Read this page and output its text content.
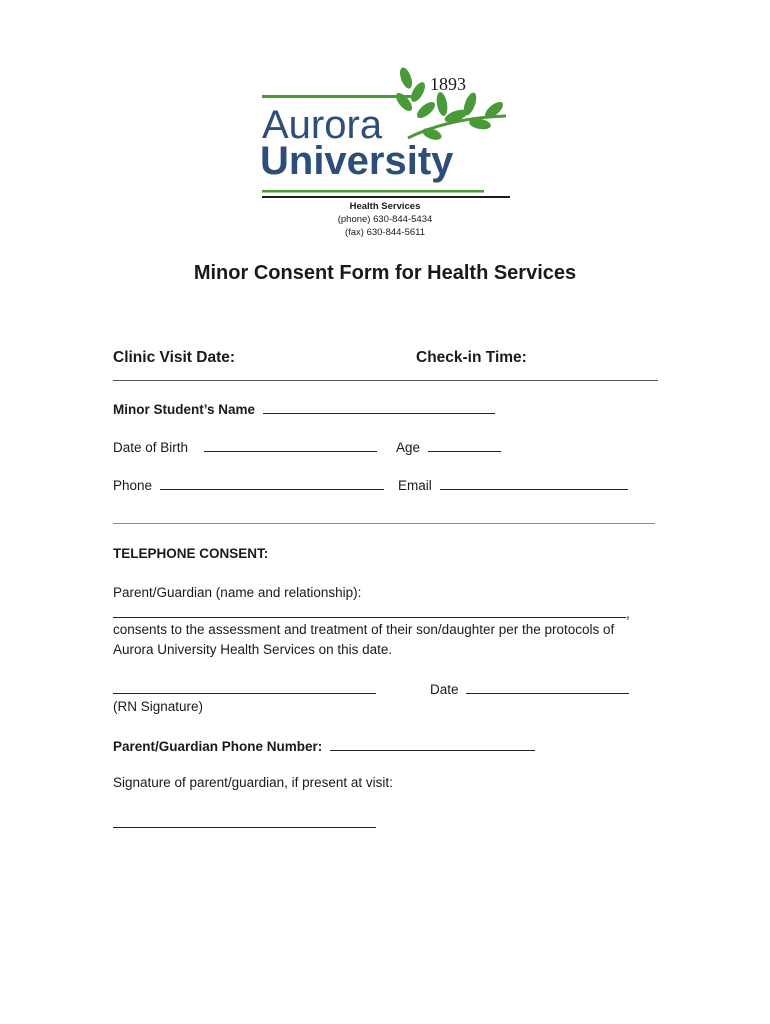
1893
Aurora
University
Health Services
(phone) 630-844-5434
(fax) 630-844-5611
Minor Consent Form for Health Services
Clinic Visit Date:	Check-in Time:
Minor Student’s Name
Date of Birth	Age
Phone	Email
TELEPHONE CONSENT:
Parent/Guardian (name and relationship):
,
consents to the assessment and treatment of their son/daughter per the protocols of
Aurora University Health Services on this date.
Date
(RN Signature)
Parent/Guardian Phone Number:
Signature of parent/guardian, if present at visit:
